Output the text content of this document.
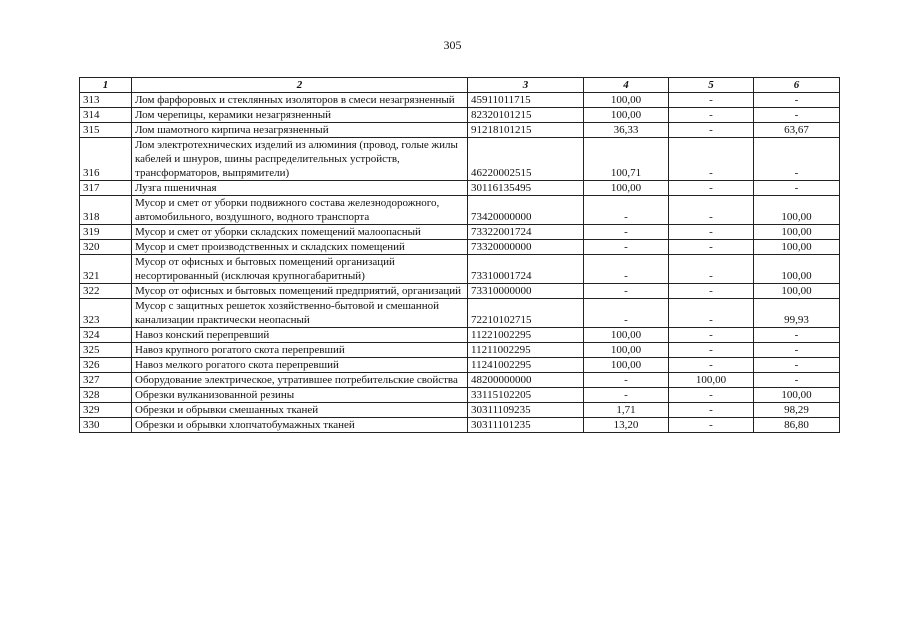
305
1	2	3	4	5	6
313	Лом фарфоровых и стеклянных изоляторов в смеси незагрязненный	45911011715	100,00	-	-
314	Лом черепицы, керамики незагрязненный	82320101215	100,00	-	-
315	Лом шамотного кирпича незагрязненный	91218101215	36,33	-	63,67
316	Лом электротехнических изделий из алюминия (провод, голые жилы кабелей и шнуров, шины распределительных устройств, трансформаторов, выпрямители)	46220002515	100,71	-	-
317	Лузга пшеничная	30116135495	100,00	-	-
318	Мусор и смет от уборки подвижного состава железнодорожного, автомобильного, воздушного, водного транспорта	73420000000	-	-	100,00
319	Мусор и смет от уборки складских помещений малоопасный	73322001724	-	-	100,00
320	Мусор и смет производственных и складских помещений	73320000000	-	-	100,00
321	Мусор от офисных и бытовых помещений организаций несортированный (исключая крупногабаритный)	73310001724	-	-	100,00
322	Мусор от офисных и бытовых помещений предприятий, организаций	73310000000	-	-	100,00
323	Мусор с защитных решеток хозяйственно-бытовой и смешанной канализации практически неопасный	72210102715	-	-	99,93
324	Навоз конский перепревший	11221002295	100,00	-	-
325	Навоз крупного рогатого скота перепревший	11211002295	100,00	-	-
326	Навоз мелкого рогатого скота перепревший	11241002295	100,00	-	-
327	Оборудование электрическое, утратившее потребительские свойства	48200000000	-	100,00	-
328	Обрезки вулканизованной резины	33115102205	-	-	100,00
329	Обрезки и обрывки смешанных тканей	30311109235	1,71	-	98,29
330	Обрезки и обрывки хлопчатобумажных тканей	30311101235	13,20	-	86,80
